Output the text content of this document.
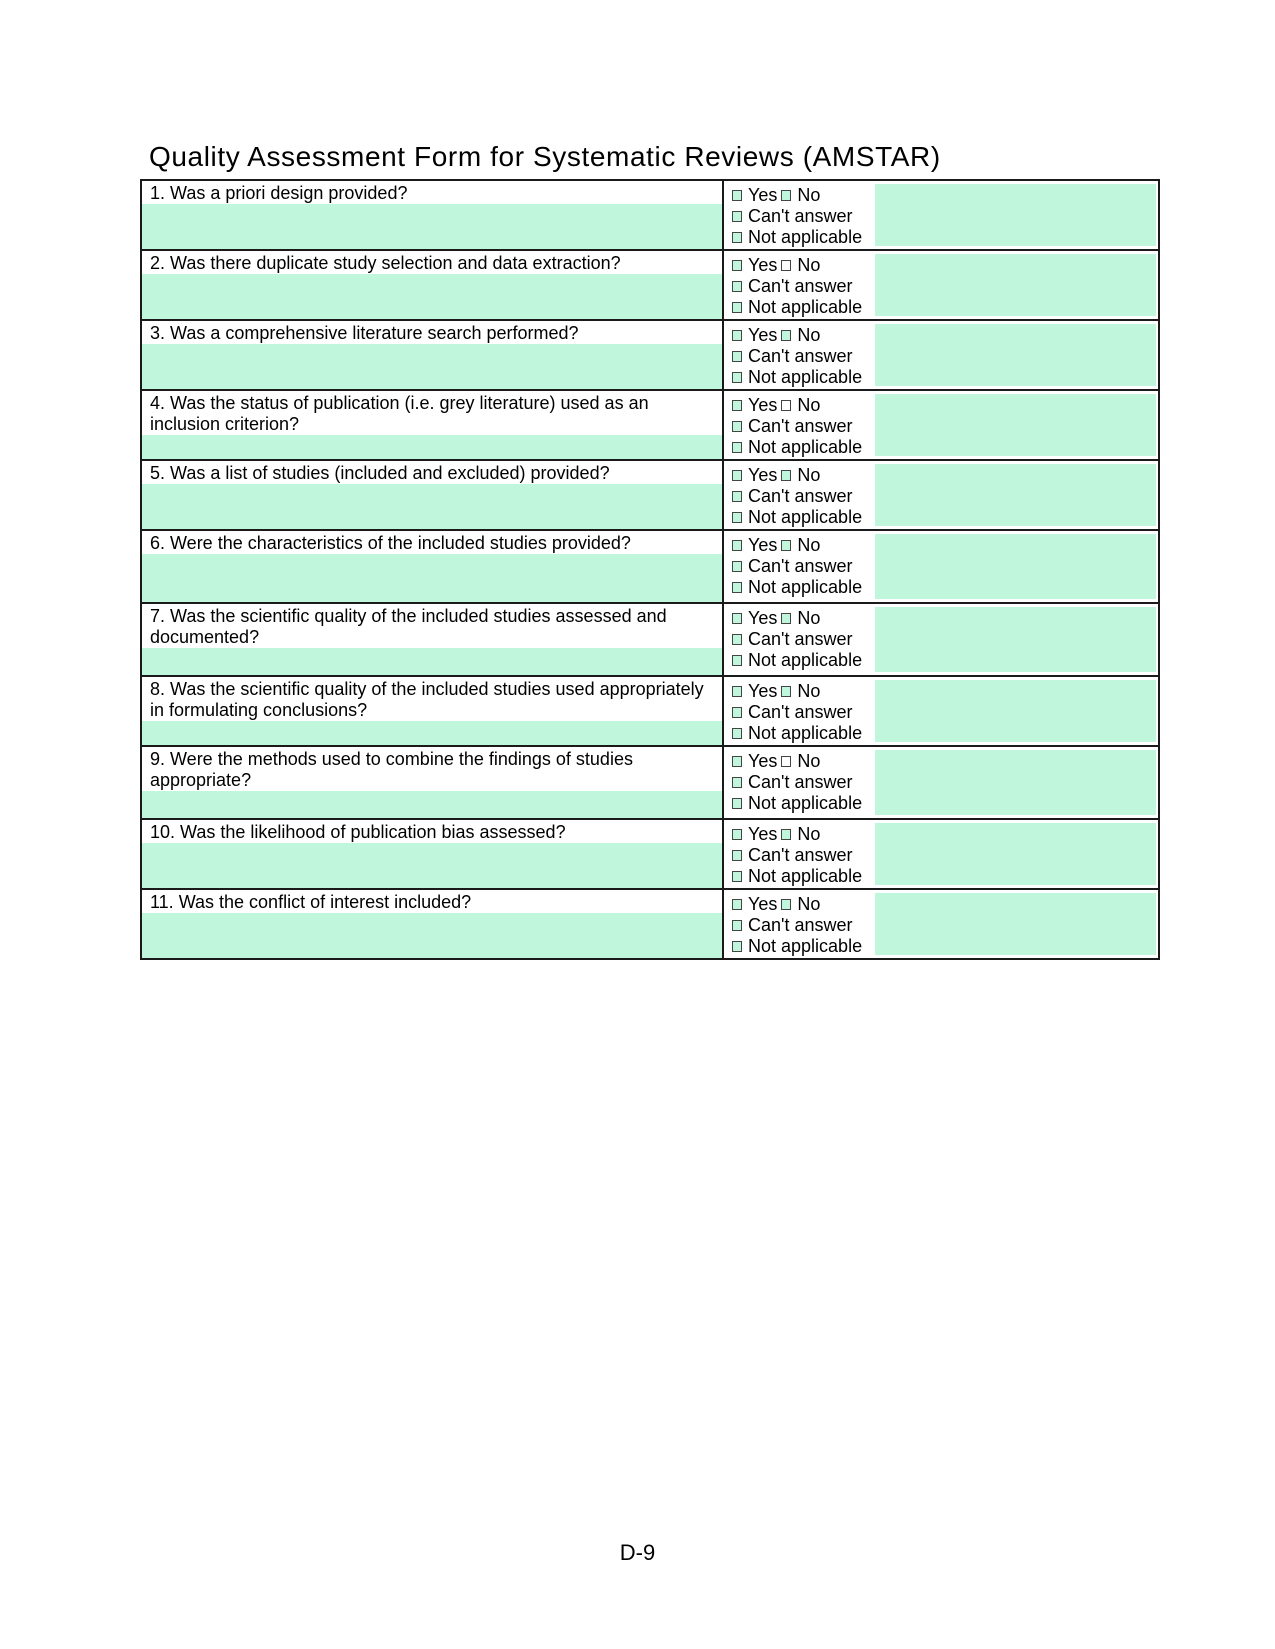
Quality Assessment Form for Systematic Reviews (AMSTAR)
1. Was a priori design provided?	Yes No
Can't answer
Not applicable

2. Was there duplicate study selection and data extraction?	Yes No
Can't answer
Not applicable

3. Was a comprehensive literature search performed?	Yes No
Can't answer
Not applicable

4. Was the status of publication (i.e. grey literature) used as an inclusion criterion?	Yes No
Can't answer
Not applicable

5. Was a list of studies (included and excluded) provided?	Yes No
Can't answer
Not applicable

6. Were the characteristics of the included studies provided?	Yes No
Can't answer
Not applicable

7. Was the scientific quality of the included studies assessed and documented?	Yes No
Can't answer
Not applicable

8. Was the scientific quality of the included studies used appropriately in formulating conclusions?	Yes No
Can't answer
Not applicable

9. Were the methods used to combine the findings of studies appropriate?	Yes No
Can't answer
Not applicable

10. Was the likelihood of publication bias assessed?	Yes No
Can't answer
Not applicable

11. Was the conflict of interest included?	Yes No
Can't answer
Not applicable
D-9
